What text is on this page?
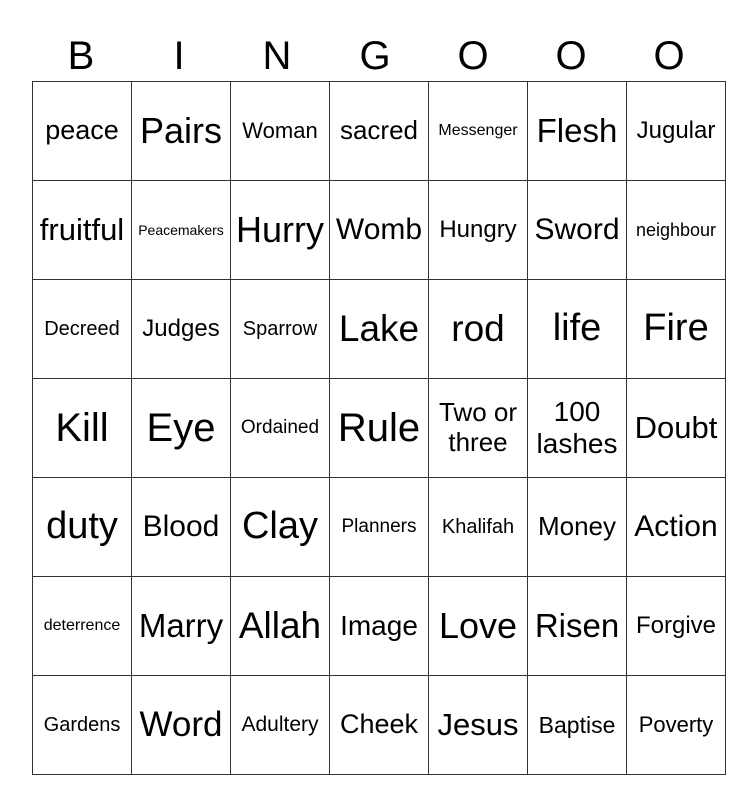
B	I	N	G	O	O	O
peace	Pairs	Woman	sacred	Messenger	Flesh	Jugular
fruitful	Peacemakers	Hurry	Womb	Hungry	Sword	neighbour
Decreed	Judges	Sparrow	Lake	rod	life	Fire
Kill	Eye	Ordained	Rule	Two or three	100 lashes	Doubt
duty	Blood	Clay	Planners	Khalifah	Money	Action
deterrence	Marry	Allah	Image	Love	Risen	Forgive
Gardens	Word	Adultery	Cheek	Jesus	Baptise	Poverty
